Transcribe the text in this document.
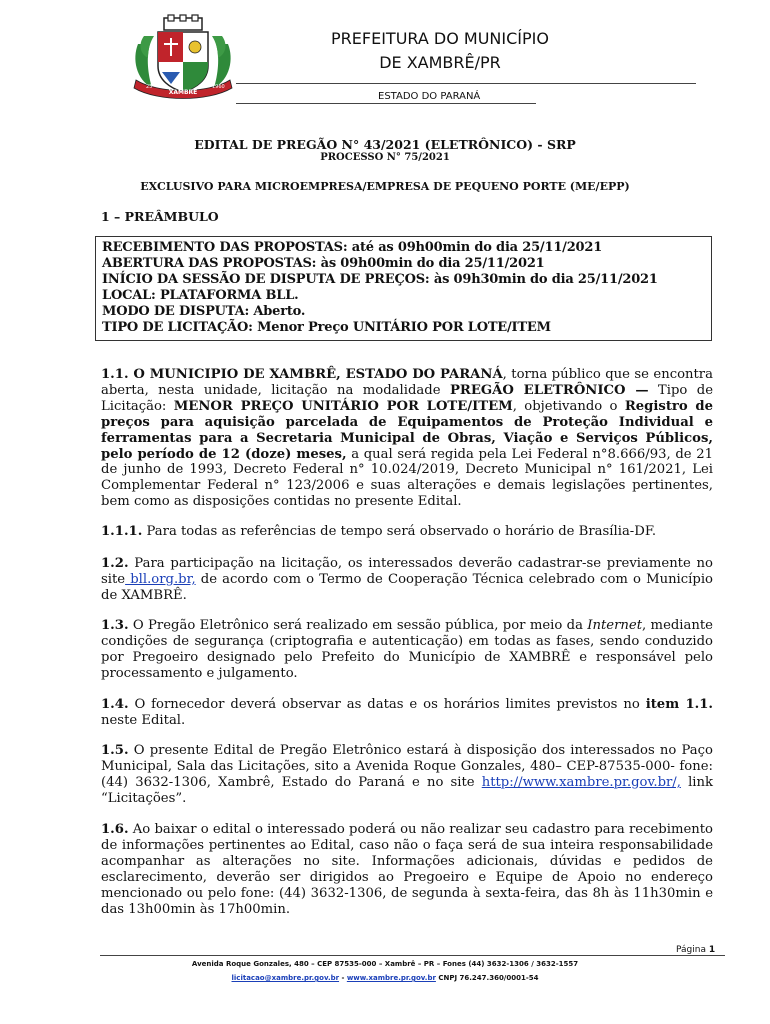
XAMBRÊ
25	1960
PREFEITURA DO MUNICÍPIO
DE XAMBRÊ/PR
ESTADO DO PARANÁ
EDITAL DE PREGÃO N° 43/2021 (ELETRÔNICO) - SRP
PROCESSO N° 75/2021
EXCLUSIVO PARA MICROEMPRESA/EMPRESA DE PEQUENO PORTE (ME/EPP)
1 – PREÂMBULO
RECEBIMENTO DAS PROPOSTAS: até as 09h00min do dia 25/11/2021
ABERTURA DAS PROPOSTAS: às 09h00min do dia 25/11/2021
INÍCIO DA SESSÃO DE DISPUTA DE PREÇOS: às 09h30min do dia 25/11/2021
LOCAL: PLATAFORMA BLL.
MODO DE DISPUTA: Aberto.
TIPO DE LICITAÇÃO: Menor Preço UNITÁRIO POR LOTE/ITEM
1.1. O MUNICIPIO DE XAMBRÊ, ESTADO DO PARANÁ, torna público que se encontra aberta, nesta unidade, licitação na modalidade PREGÃO ELETRÔNICO — Tipo de Licitação: MENOR PREÇO UNITÁRIO POR LOTE/ITEM, objetivando o Registro de preços para aquisição parcelada de Equipamentos de Proteção Individual e ferramentas para a Secretaria Municipal de Obras, Viação e Serviços Públicos, pelo período de 12 (doze) meses, a qual será regida pela Lei Federal n°8.666/93, de 21 de junho de 1993, Decreto Federal n° 10.024/2019, Decreto Municipal n° 161/2021, Lei Complementar Federal n° 123/2006 e suas alterações e demais legislações pertinentes, bem como as disposições contidas no presente Edital.
1.1.1. Para todas as referências de tempo será observado o horário de Brasília-DF.
1.2. Para participação na licitação, os interessados deverão cadastrar-se previamente no site bll.org.br, de acordo com o Termo de Cooperação Técnica celebrado com o Município de XAMBRÊ.
1.3. O Pregão Eletrônico será realizado em sessão pública, por meio da Internet, mediante condições de segurança (criptografia e autenticação) em todas as fases, sendo conduzido por Pregoeiro designado pelo Prefeito do Município de XAMBRÊ e responsável pelo processamento e julgamento.
1.4. O fornecedor deverá observar as datas e os horários limites previstos no item 1.1. neste Edital.
1.5. O presente Edital de Pregão Eletrônico estará à disposição dos interessados no Paço Municipal, Sala das Licitações, sito a Avenida Roque Gonzales, 480– CEP-87535-000- fone:(44) 3632-1306, Xambrê, Estado do Paraná e no site http://www.xambre.pr.gov.br/, link “Licitações”.
1.6. Ao baixar o edital o interessado poderá ou não realizar seu cadastro para recebimento de informações pertinentes ao Edital, caso não o faça será de sua inteira responsabilidade acompanhar as alterações no site. Informações adicionais, dúvidas e pedidos de esclarecimento, deverão ser dirigidos ao Pregoeiro e Equipe de Apoio no endereço mencionado ou pelo fone: (44) 3632-1306, de segunda à sexta-feira, das 8h às 11h30min e das 13h00min às 17h00min.
Página 1
Avenida Roque Gonzales, 480 – CEP 87535-000 – Xambrê – PR – Fones (44) 3632-1306 / 3632-1557
licitacao@xambre.pr.gov.br - www.xambre.pr.gov.br CNPJ 76.247.360/0001-54
